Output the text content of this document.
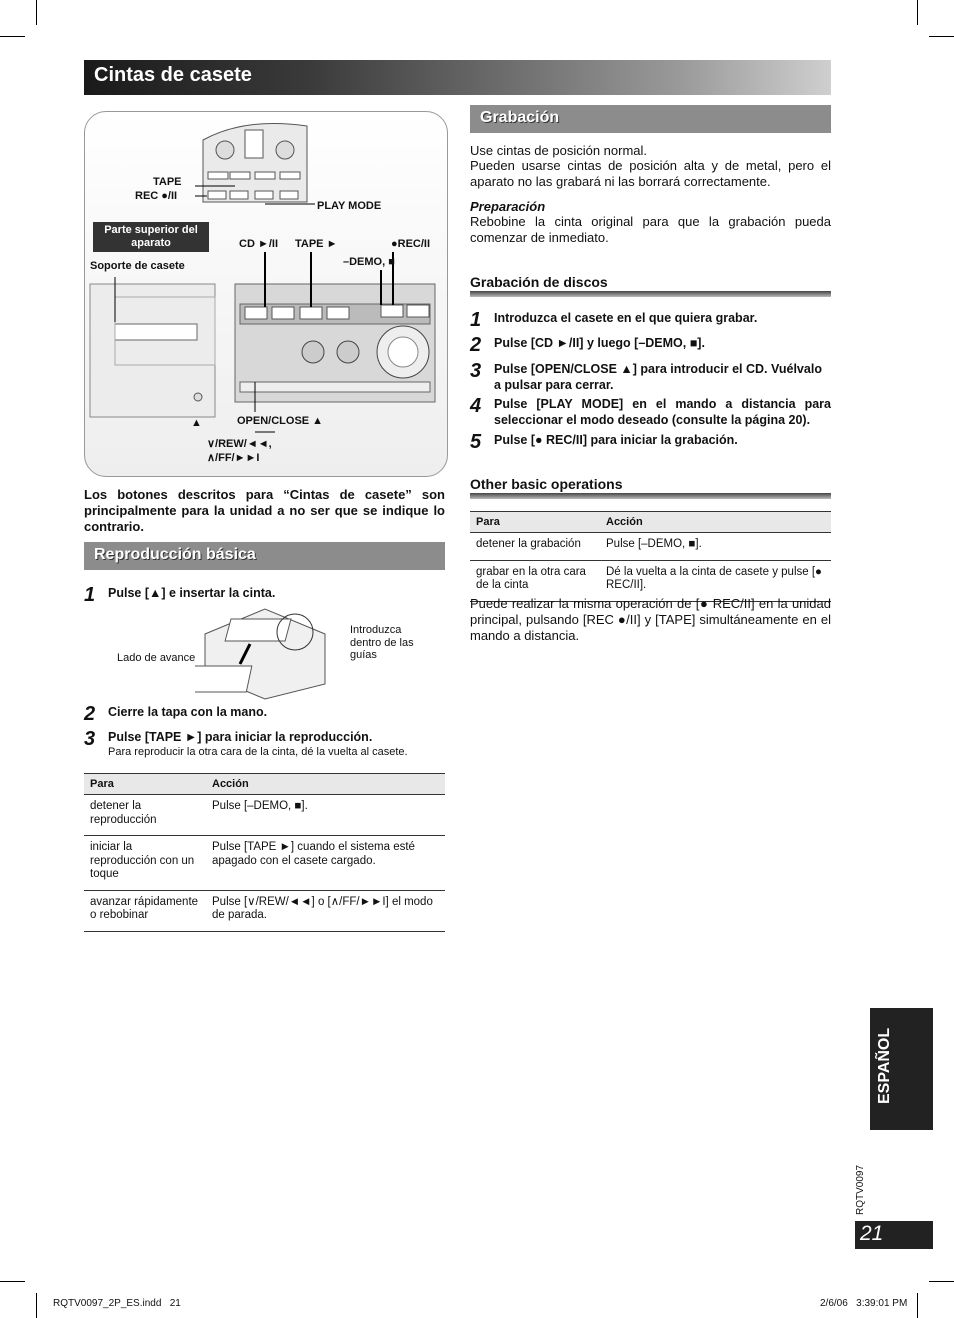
Cintas de casete
TAPE
REC ●/II
PLAY MODE
Parte superior del aparato	CD ►/II TAPE ►	●REC/II
–DEMO, ■
Soporte de casete
▲	OPEN/CLOSE ▲
∨/REW/◄◄,
∧/FF/►►I
Los botones descritos para “Cintas de casete” son principalmente para la unidad a no ser que se indique lo contrario.
Reproducción básica
1 Pulse [▲] e insertar la cinta.
Lado de avance
Introduzca dentro de las guías
2 Cierre la tapa con la mano.
3 Pulse [TAPE ►] para iniciar la reproducción.
Para reproducir la otra cara de la cinta, dé la vuelta al casete.
Para	Acción
detener la reproducción	Pulse [–DEMO, ■].
iniciar la reproducción con un toque	Pulse [TAPE ►] cuando el sistema esté apagado con el casete cargado.
avanzar rápidamente o rebobinar	Pulse [∨/REW/◄◄] o [∧/FF/►►I] el modo de parada.
Grabación
Use cintas de posición normal.
Pueden usarse cintas de posición alta y de metal, pero el aparato no las grabará ni las borrará correctamente.
Preparación
Rebobine la cinta original para que la grabación pueda comenzar de inmediato.
Grabación de discos
1 Introduzca el casete en el que quiera grabar.
2 Pulse [CD ►/II] y luego [–DEMO, ■].
3 Pulse [OPEN/CLOSE ▲] para introducir el CD. Vuélvalo a pulsar para cerrar.
4 Pulse [PLAY MODE] en el mando a distancia para seleccionar el modo deseado (consulte la página 20).
5 Pulse [● REC/II] para iniciar la grabación.
Other basic operations
Para	Acción
detener la grabación	Pulse [–DEMO, ■].
grabar en la otra cara de la cinta	Dé la vuelta a la cinta de casete y pulse [● REC/II].
Puede realizar la misma operación de [● REC/II] en la unidad principal, pulsando [REC ●/II] y [TAPE] simultáneamente en el mando a distancia.
ESPAÑOL
RQTV0097
21
RQTV0097_2P_ES.indd   21	2/6/06   3:39:01 PM
